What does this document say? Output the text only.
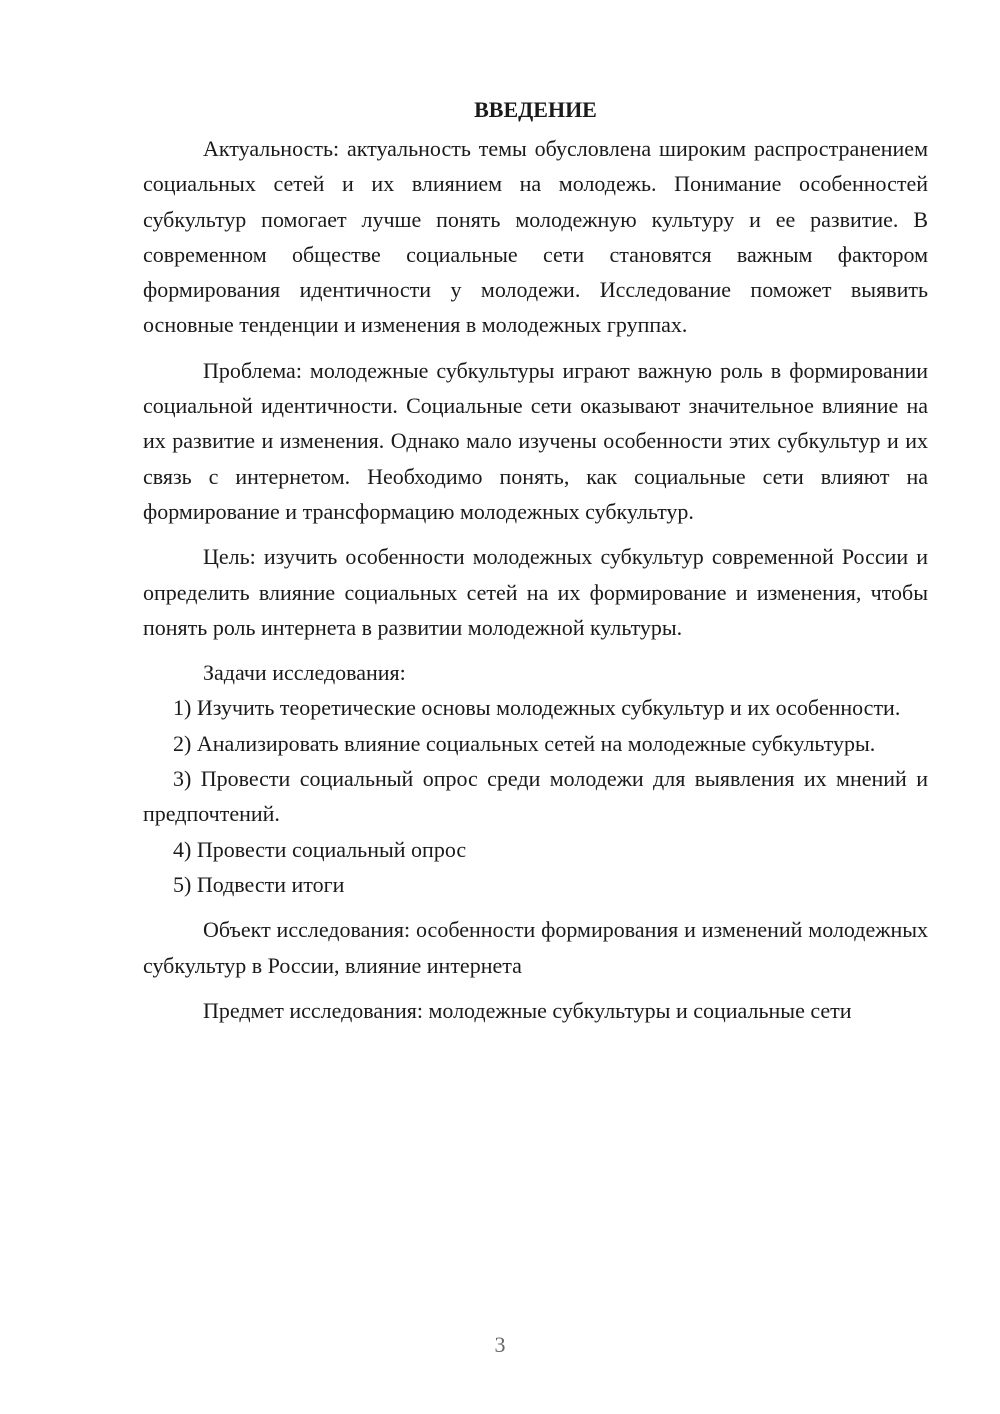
ВВЕДЕНИЕ

Актуальность: актуальность темы обусловлена широким распространением социальных сетей и их влиянием на молодежь. Понимание особенностей субкультур помогает лучше понять молодежную культуру и ее развитие. В современном обществе социальные сети становятся важным фактором формирования идентичности у молодежи. Исследование поможет выявить основные тенденции и изменения в молодежных группах.

Проблема: молодежные субкультуры играют важную роль в формировании социальной идентичности. Социальные сети оказывают значительное влияние на их развитие и изменения. Однако мало изучены особенности этих субкультур и их связь с интернетом. Необходимо понять, как социальные сети влияют на формирование и трансформацию молодежных субкультур.

Цель: изучить особенности молодежных субкультур современной России и определить влияние социальных сетей на их формирование и изменения, чтобы понять роль интернета в развитии молодежной культуры.

Задачи исследования:

1) Изучить теоретические основы молодежных субкультур и их особенности.

2) Анализировать влияние социальных сетей на молодежные субкультуры.

3) Провести социальный опрос среди молодежи для выявления их мнений и предпочтений.

4) Провести социальный опрос

5) Подвести итоги

Объект исследования: особенности формирования и изменений молодежных субкультур в России, влияние интернета

Предмет исследования: молодежные субкультуры и социальные сети

3
